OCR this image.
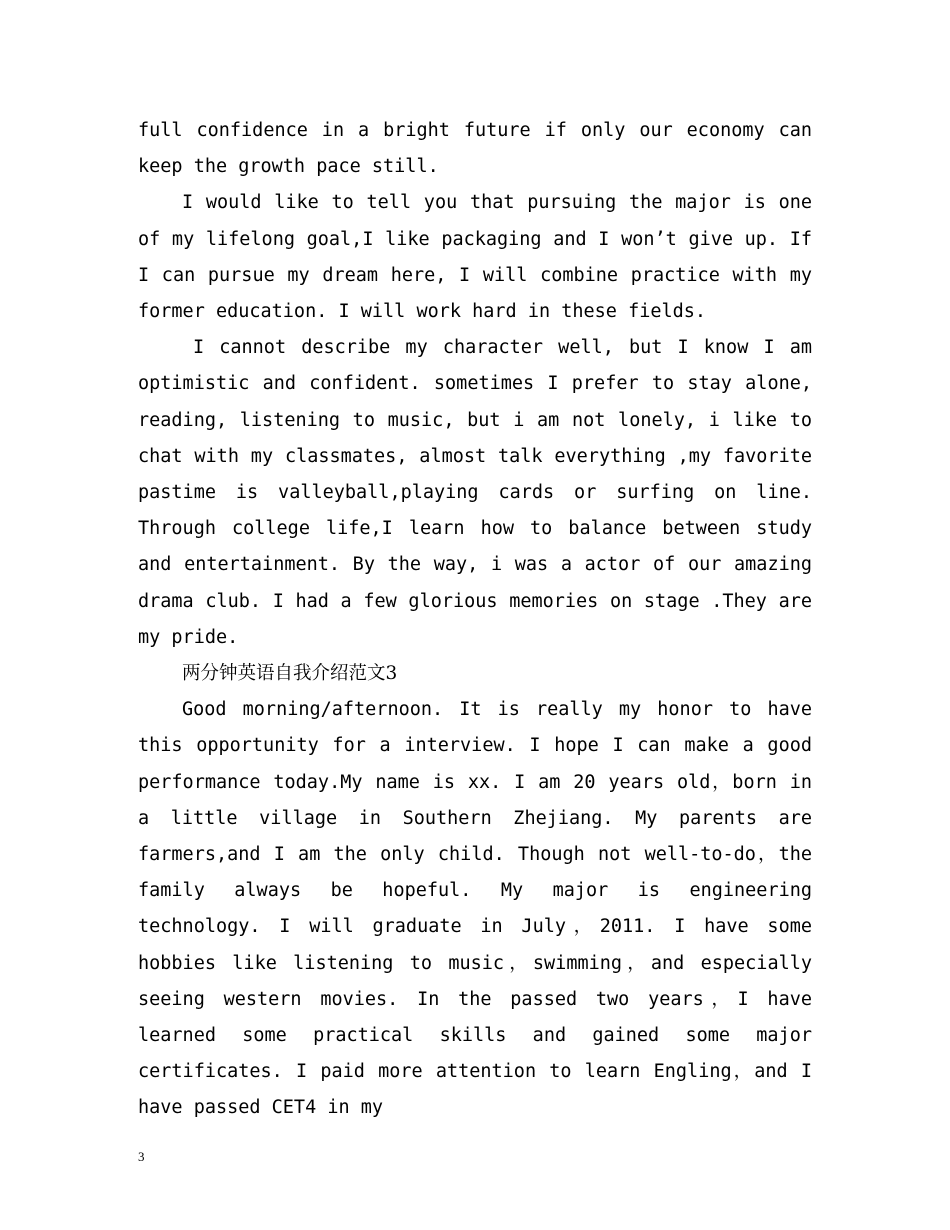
full confidence in a bright future if only our economy can keep the growth pace still.

I would like to tell you that pursuing the major is one of my lifelong goal,I like packaging and I won’t give up. If I can pursue my dream here, I will combine practice with my former education. I will work hard in these fields.

I cannot describe my character well, but I know I am optimistic and confident. sometimes I prefer to stay alone, reading, listening to music, but i am not lonely, i like to chat with my classmates, almost talk everything ,my favorite pastime is valleyball,playing cards or surfing on line. Through college life,I learn how to balance between study and entertainment. By the way, i was a actor of our amazing drama club. I had a few glorious memories on stage .They are my pride.

两分钟英语自我介绍范文3

Good morning/afternoon. It is really my honor to have this opportunity for a interview. I hope I can make a good performance today.My name is xx. I am 20 years old，born in a little village in Southern Zhejiang. My parents are farmers,and I am the only child. Though not well-to-do，the family always be hopeful. My major is engineering technology. I will graduate in July，2011. I have some hobbies like listening to music，swimming，and especially seeing western movies. In the passed two years，I have learned some practical skills and gained some major certificates. I paid more attention to learn Engling，and I have passed CET4 in my

3
